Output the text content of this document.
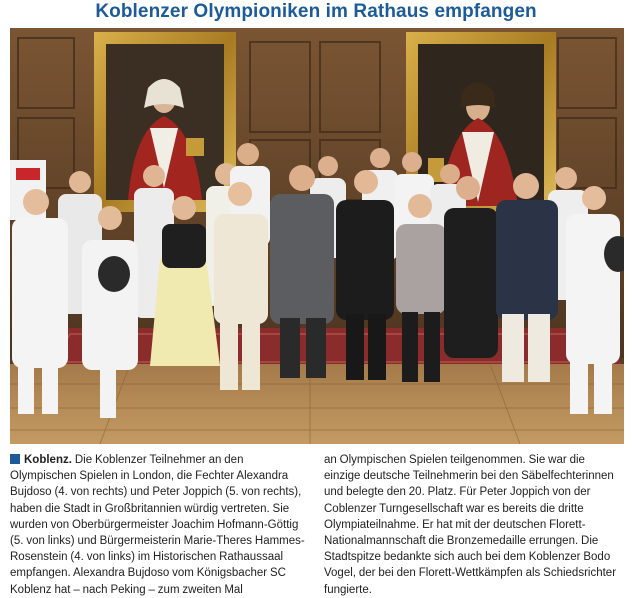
Koblenzer Olympioniken im Rathaus empfangen

Koblenz. Die Koblenzer Teilnehmer an den Olympischen Spielen in London, die Fechter Alexandra Bujdoso (4. von rechts) und Peter Joppich (5. von rechts), haben die Stadt in Großbritannien würdig vertreten. Sie wurden von Oberbürgermeister Joachim Hofmann-Göttig (5. von links) und Bürgermeisterin Marie-Theres Hammes-Rosenstein (4. von links) im Historischen Rathaussaal empfangen. Alexandra Bujdoso vom Königsbacher SC Koblenz hat – nach Peking – zum zweiten Mal

an Olympischen Spielen teilgenommen. Sie war die einzige deutsche Teilnehmerin bei den Säbelfechterinnen und belegte den 20. Platz. Für Peter Joppich von der Coblenzer Turngesellschaft war es bereits die dritte Olympiateilnahme. Er hat mit der deutschen Florett-Nationalmannschaft die Bronzemedaille errungen. Die Stadtspitze bedankte sich auch bei dem Koblenzer Bodo Vogel, der bei den Florett-Wettkämpfen als Schiedsrichter fungierte.
